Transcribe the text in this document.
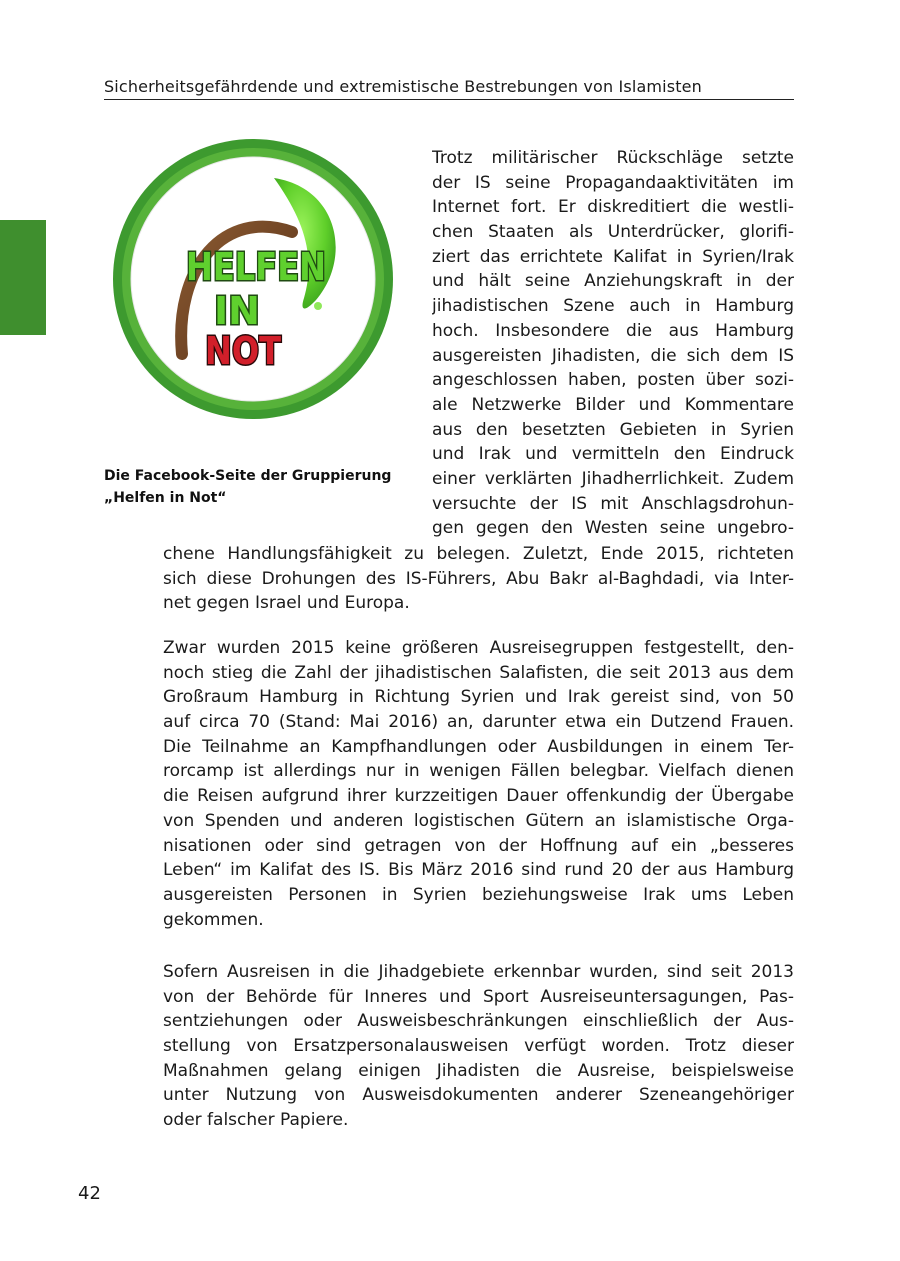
Sicherheitsgefährdende und extremistische Bestrebungen von Islamisten
HELFEN
IN
NOT
Die Facebook-Seite der Gruppierung
„Helfen in Not“
Trotz militärischer Rückschläge setzte
der IS seine Propagandaaktivitäten im
Internet fort. Er diskreditiert die westli-
chen Staaten als Unterdrücker, glorifi-
ziert das errichtete Kalifat in Syrien/Irak
und hält seine Anziehungskraft in der
jihadistischen Szene auch in Hamburg
hoch. Insbesondere die aus Hamburg
ausgereisten Jihadisten, die sich dem IS
angeschlossen haben, posten über sozi-
ale Netzwerke Bilder und Kommentare
aus den besetzten Gebieten in Syrien
und Irak und vermitteln den Eindruck
einer verklärten Jihadherrlichkeit. Zudem
versuchte der IS mit Anschlagsdrohun-
gen gegen den Westen seine ungebro-
chene Handlungsfähigkeit zu belegen. Zuletzt, Ende 2015, richteten
sich diese Drohungen des IS-Führers, Abu Bakr al-Baghdadi, via Inter-
net gegen Israel und Europa.
Zwar wurden 2015 keine größeren Ausreisegruppen festgestellt, den-
noch stieg die Zahl der jihadistischen Salafisten, die seit 2013 aus dem
Großraum Hamburg in Richtung Syrien und Irak gereist sind, von 50
auf circa 70 (Stand: Mai 2016) an, darunter etwa ein Dutzend Frauen.
Die Teilnahme an Kampfhandlungen oder Ausbildungen in einem Ter-
rorcamp ist allerdings nur in wenigen Fällen belegbar. Vielfach dienen
die Reisen aufgrund ihrer kurzzeitigen Dauer offenkundig der Übergabe
von Spenden und anderen logistischen Gütern an islamistische Orga-
nisationen oder sind getragen von der Hoffnung auf ein „besseres
Leben“ im Kalifat des IS. Bis März 2016 sind rund 20 der aus Hamburg
ausgereisten Personen in Syrien beziehungsweise Irak ums Leben
gekommen.
Sofern Ausreisen in die Jihadgebiete erkennbar wurden, sind seit 2013
von der Behörde für Inneres und Sport Ausreiseuntersagungen, Pas-
sentziehungen oder Ausweisbeschränkungen einschließlich der Aus-
stellung von Ersatzpersonalausweisen verfügt worden. Trotz dieser
Maßnahmen gelang einigen Jihadisten die Ausreise, beispielsweise
unter Nutzung von Ausweisdokumenten anderer Szeneangehöriger
oder falscher Papiere.
42
